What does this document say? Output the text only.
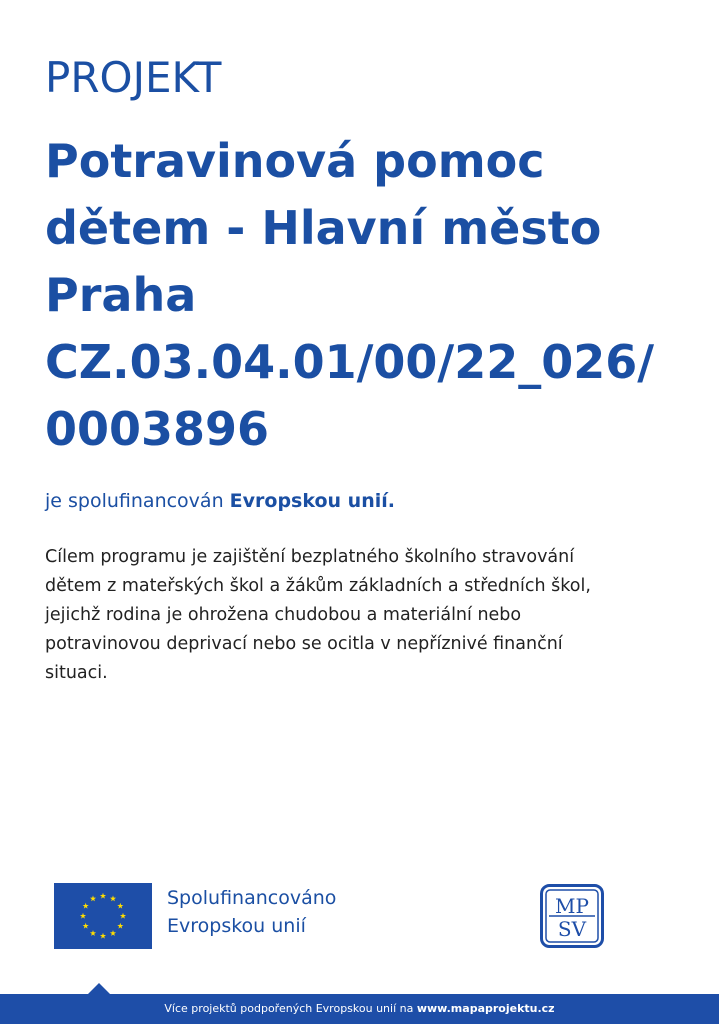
PROJEKT
Potravinová pomoc
dětem - Hlavní město
Praha
CZ.03.04.01/00/22_026/
0003896

je spolufinancován Evropskou unií.

Cílem programu je zajištění bezplatného školního stravování
dětem z mateřských škol a žákům základních a středních škol,
jejichž rodina je ohrožena chudobou a materiální nebo
potravinovou deprivací nebo se ocitla v nepříznivé finanční
situaci.

Spolufinancováno
Evropskou unií
MP
SV

Více projektů podpořených Evropskou unií na www.mapaprojektu.cz
